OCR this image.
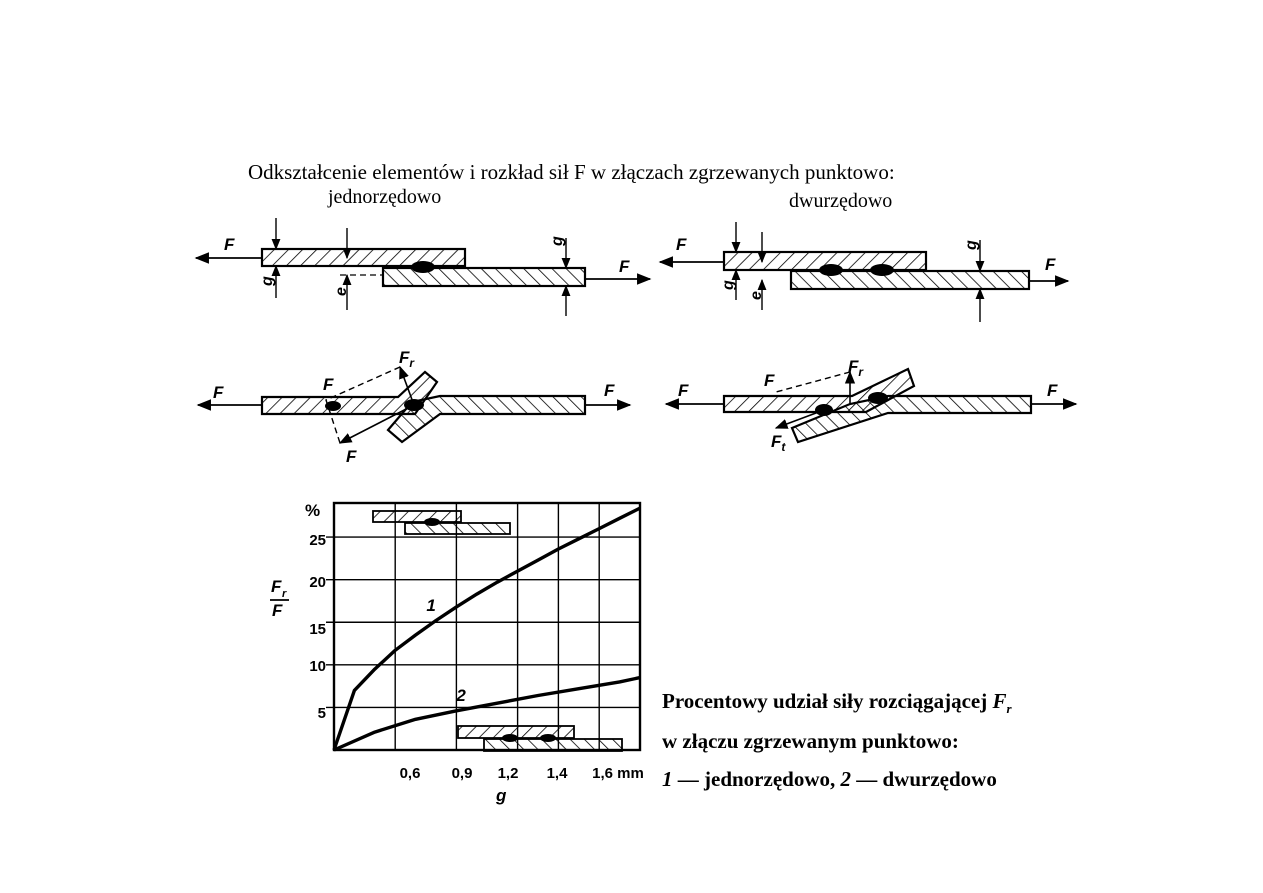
Odkształcenie elementów i rozkład sił F w złączach zgrzewanych punktowo:
jednorzędowo	dwurzędowo
F
F
g
e
g	F
F
g
e
g
F	F
F
$F_r$
F
F	F
F
$F_r$
$F_t$
1
2
5
10
15
20
25
%
F r
F
0,6 0,9 1,2 1,4 1,6 mm
g
Procentowy udział siły rozciągającej $F_r$
w złączu zgrzewanym punktowo:
1 — jednorzędowo, 2 — dwurzędowo
